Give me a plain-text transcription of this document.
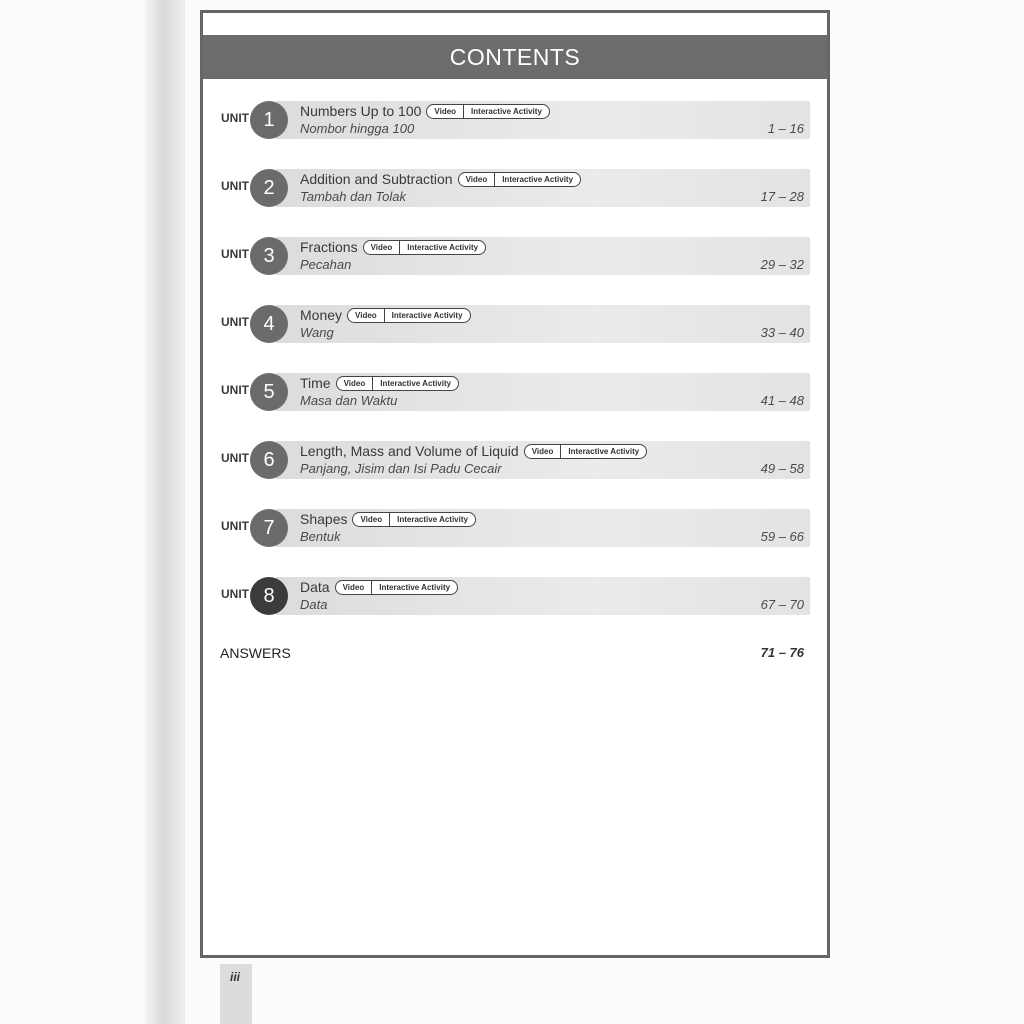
CONTENTS
UNIT 1	Numbers Up to 100	Video	Interactive Activity
Nombor hingga 100	1 – 16
UNIT 2	Addition and Subtraction	Video	Interactive Activity
Tambah dan Tolak	17 – 28
UNIT 3	Fractions	Video	Interactive Activity
Pecahan	29 – 32
UNIT 4	Money	Video	Interactive Activity
Wang	33 – 40
UNIT 5	Time	Video	Interactive Activity
Masa dan Waktu	41 – 48
UNIT 6	Length, Mass and Volume of Liquid	Video	Interactive Activity
Panjang, Jisim dan Isi Padu Cecair	49 – 58
UNIT 7	Shapes	Video	Interactive Activity
Bentuk	59 – 66
UNIT 8	Data	Video	Interactive Activity
Data	67 – 70
ANSWERS	71 – 76
iii
